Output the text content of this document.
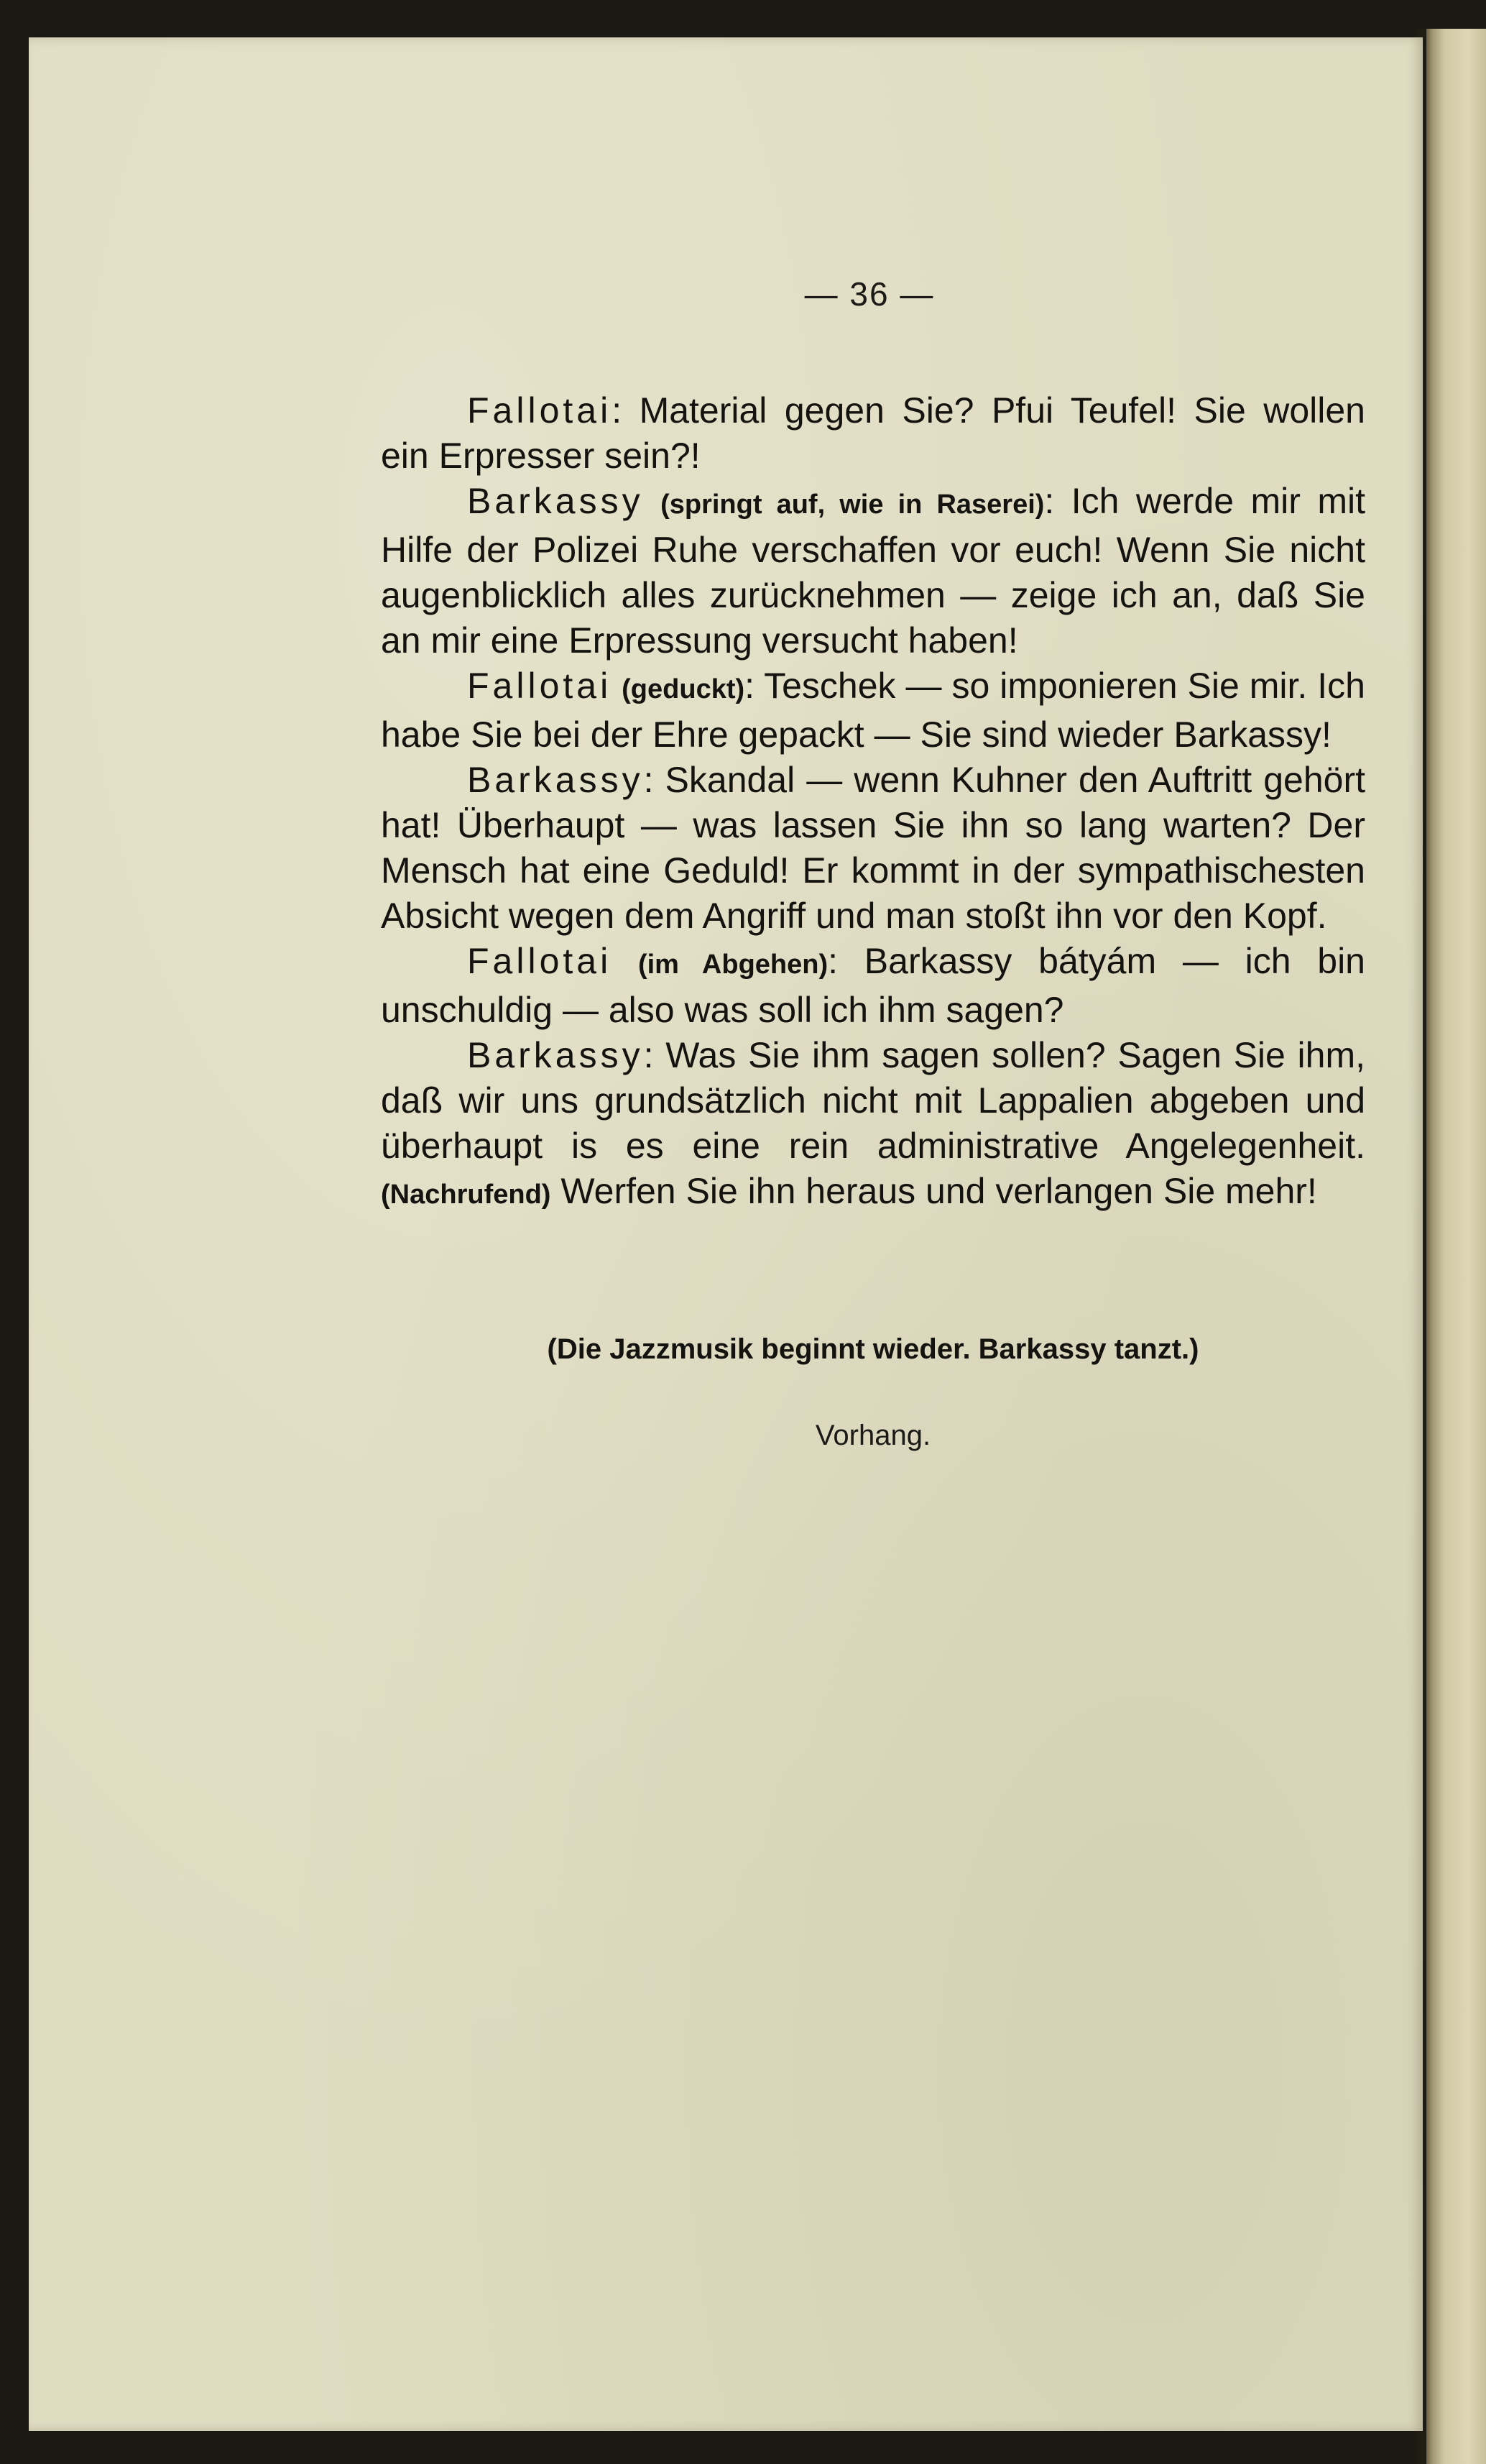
— 36 —

Fallotai: Material gegen Sie? Pfui Teufel! Sie wollen ein Erpresser sein?!

Barkassy (springt auf, wie in Raserei): Ich werde mir mit Hilfe der Polizei Ruhe verschaffen vor euch! Wenn Sie nicht augenblicklich alles zurücknehmen — zeige ich an, daß Sie an mir eine Erpressung versucht haben!

Fallotai (geduckt): Teschek — so imponieren Sie mir. Ich habe Sie bei der Ehre gepackt — Sie sind wieder Barkassy!

Barkassy: Skandal — wenn Kuhner den Auftritt gehört hat! Überhaupt — was lassen Sie ihn so lang warten? Der Mensch hat eine Geduld! Er kommt in der sympathischesten Absicht wegen dem Angriff und man stoßt ihn vor den Kopf.

Fallotai (im Abgehen): Barkassy bátyám — ich bin unschuldig — also was soll ich ihm sagen?

Barkassy: Was Sie ihm sagen sollen? Sagen Sie ihm, daß wir uns grundsätzlich nicht mit Lappalien abgeben und überhaupt is es eine rein administrative Angelegenheit. (Nachrufend) Werfen Sie ihn heraus und verlangen Sie mehr!

(Die Jazzmusik beginnt wieder. Barkassy tanzt.)
Vorhang.
